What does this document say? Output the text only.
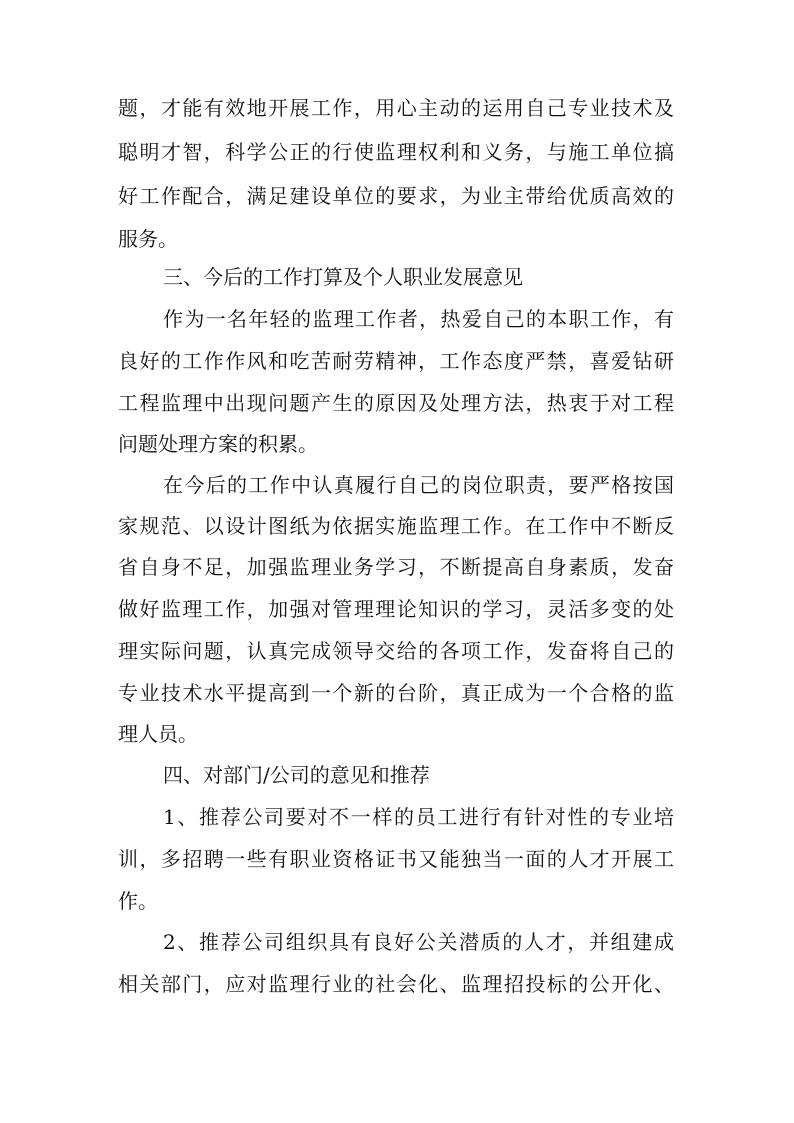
题，才能有效地开展工作，用心主动的运用自己专业技术及
聪明才智，科学公正的行使监理权利和义务，与施工单位搞
好工作配合，满足建设单位的要求，为业主带给优质高效的
服务。
三、今后的工作打算及个人职业发展意见
作为一名年轻的监理工作者，热爱自己的本职工作，有
良好的工作作风和吃苦耐劳精神，工作态度严禁，喜爱钻研
工程监理中出现问题产生的原因及处理方法，热衷于对工程
问题处理方案的积累。
在今后的工作中认真履行自己的岗位职责，要严格按国
家规范、以设计图纸为依据实施监理工作。在工作中不断反
省自身不足，加强监理业务学习，不断提高自身素质，发奋
做好监理工作，加强对管理理论知识的学习，灵活多变的处
理实际问题，认真完成领导交给的各项工作，发奋将自己的
专业技术水平提高到一个新的台阶，真正成为一个合格的监
理人员。
四、对部门/公司的意见和推荐
1、推荐公司要对不一样的员工进行有针对性的专业培
训，多招聘一些有职业资格证书又能独当一面的人才开展工
作。
2、推荐公司组织具有良好公关潜质的人才，并组建成
相关部门，应对监理行业的社会化、监理招投标的公开化、
